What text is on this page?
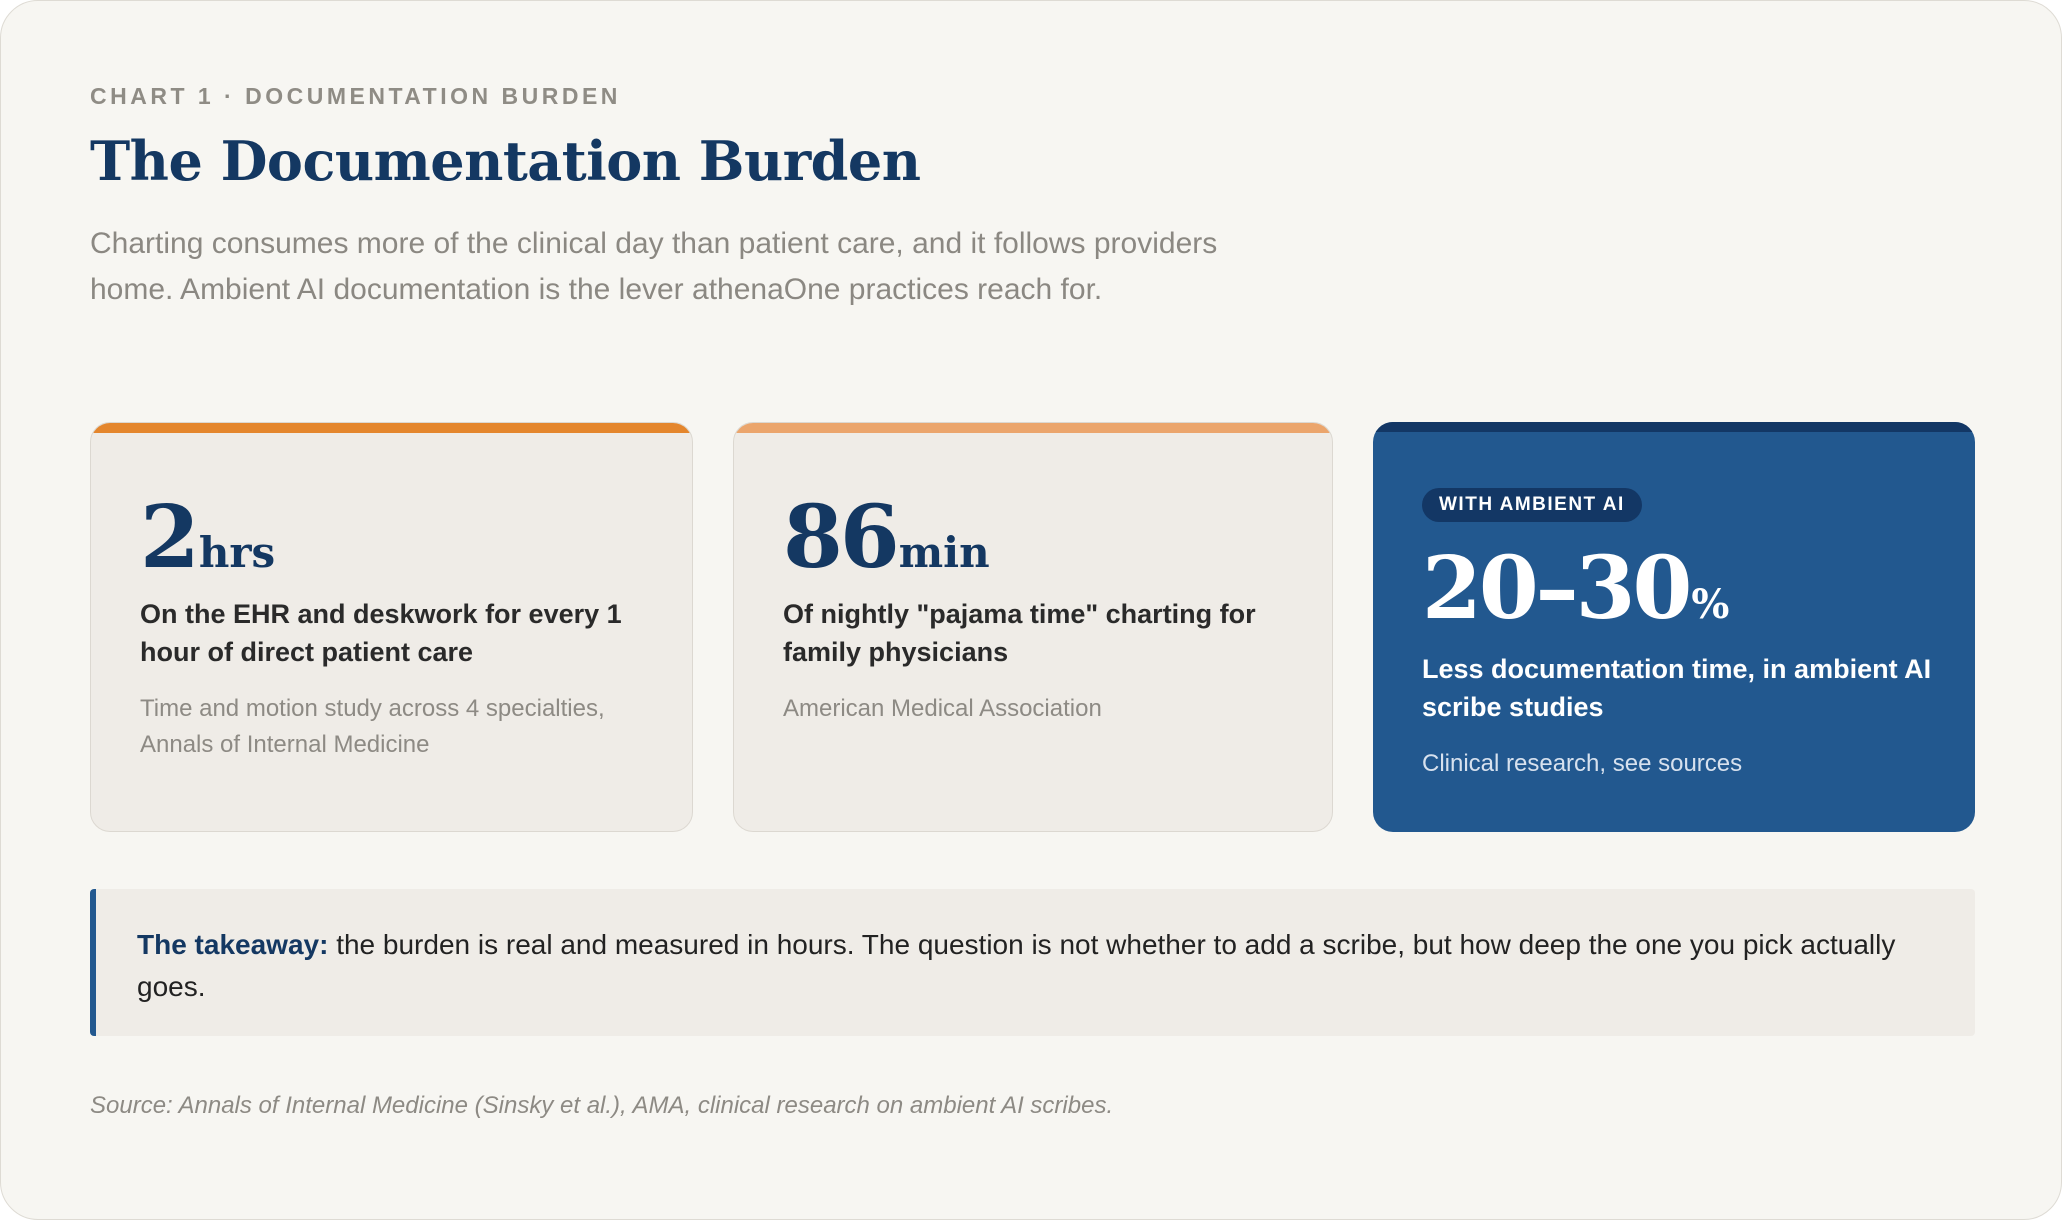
CHART 1 · DOCUMENTATION BURDEN
The Documentation Burden
Charting consumes more of the clinical day than patient care, and it follows providers home. Ambient AI documentation is the lever athenaOne practices reach for.
2hrs
On the EHR and deskwork for every 1 hour of direct patient care
Time and motion study across 4 specialties, Annals of Internal Medicine
86min
Of nightly "pajama time" charting for family physicians
American Medical Association
WITH AMBIENT AI
20–30%
Less documentation time, in ambient AI scribe studies
Clinical research, see sources
The takeaway: the burden is real and measured in hours. The question is not whether to add a scribe, but how deep the one you pick actually goes.
Source: Annals of Internal Medicine (Sinsky et al.), AMA, clinical research on ambient AI scribes.
